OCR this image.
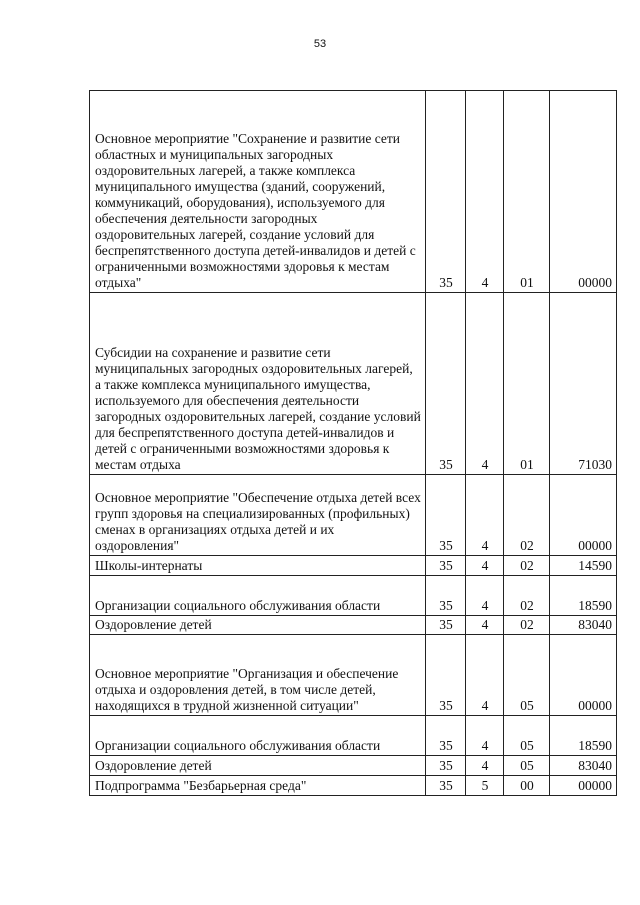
53
Основное мероприятие "Сохранение и развитие сети областных и муниципальных загородных оздоровительных лагерей, а также комплекса муниципального имущества (зданий, сооружений, коммуникаций, оборудования), используемого для обеспечения деятельности загородных оздоровительных лагерей, создание условий для беспрепятственного доступа детей-инвалидов и детей с ограниченными возможностями здоровья к местам отдыха"	35	4	01	00000
Субсидии на сохранение и развитие сети муниципальных загородных оздоровительных лагерей, а также комплекса муниципального имущества, используемого для обеспечения деятельности загородных оздоровительных лагерей, создание условий для беспрепятственного доступа детей-инвалидов и детей с ограниченными возможностями здоровья к местам отдыха	35	4	01	71030
Основное мероприятие "Обеспечение отдыха детей всех групп здоровья на специализированных (профильных) сменах в организациях отдыха детей и их оздоровления"	35	4	02	00000
Школы-интернаты	35	4	02	14590
Организации социального обслуживания области	35	4	02	18590
Оздоровление детей	35	4	02	83040
Основное мероприятие "Организация и обеспечение отдыха и оздоровления детей, в том числе детей, находящихся в трудной жизненной ситуации"	35	4	05	00000
Организации социального обслуживания области	35	4	05	18590
Оздоровление детей	35	4	05	83040
Подпрограмма "Безбарьерная среда"	35	5	00	00000
